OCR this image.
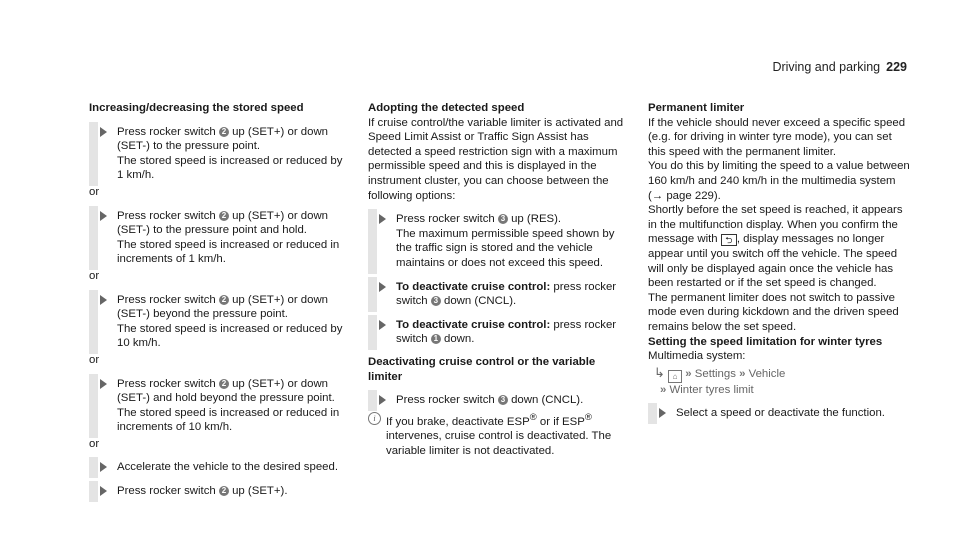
Driving and parking 229

Increasing/decreasing the stored speed

Press rocker switch 2 up (SET+) or down (SET-) to the pressure point.
The stored speed is increased or reduced by 1 km/h.

or

Press rocker switch 2 up (SET+) or down (SET-) to the pressure point and hold.
The stored speed is increased or reduced in increments of 1 km/h.

or

Press rocker switch 2 up (SET+) or down (SET-) beyond the pressure point.
The stored speed is increased or reduced by 10 km/h.

or

Press rocker switch 2 up (SET+) or down (SET-) and hold beyond the pressure point.
The stored speed is increased or reduced in increments of 10 km/h.

or

Accelerate the vehicle to the desired speed.
Press rocker switch 2 up (SET+).

Adopting the detected speed

If cruise control/the variable limiter is activated and Speed Limit Assist or Traffic Sign Assist has detected a speed restriction sign with a maximum permissible speed and this is displayed in the instrument cluster, you can choose between the following options:

Press rocker switch 3 up (RES).
The maximum permissible speed shown by the traffic sign is stored and the vehicle maintains or does not exceed this speed.
To deactivate cruise control: press rocker switch 3 down (CNCL).
To deactivate cruise control: press rocker switch 1 down.

Deactivating cruise control or the variable limiter

Press rocker switch 3 down (CNCL).
i If you brake, deactivate ESP® or if ESP® intervenes, cruise control is deactivated. The variable limiter is not deactivated.

Permanent limiter

If the vehicle should never exceed a specific speed (e.g. for driving in winter tyre mode), you can set this speed with the permanent limiter.

You do this by limiting the speed to a value between 160 km/h and 240 km/h in the multimedia system (→ page 229).

Shortly before the set speed is reached, it appears in the multifunction display. When you confirm the message with ⮌ , display messages no longer appear until you switch off the vehicle. The speed will only be displayed again once the vehicle has been restarted or if the set speed is changed.

The permanent limiter does not switch to passive mode even during kickdown and the driven speed remains below the set speed.

Setting the speed limitation for winter tyres

Multimedia system:

↳ ⌂ » Settings » Vehicle
» Winter tyres limit
Select a speed or deactivate the function.
